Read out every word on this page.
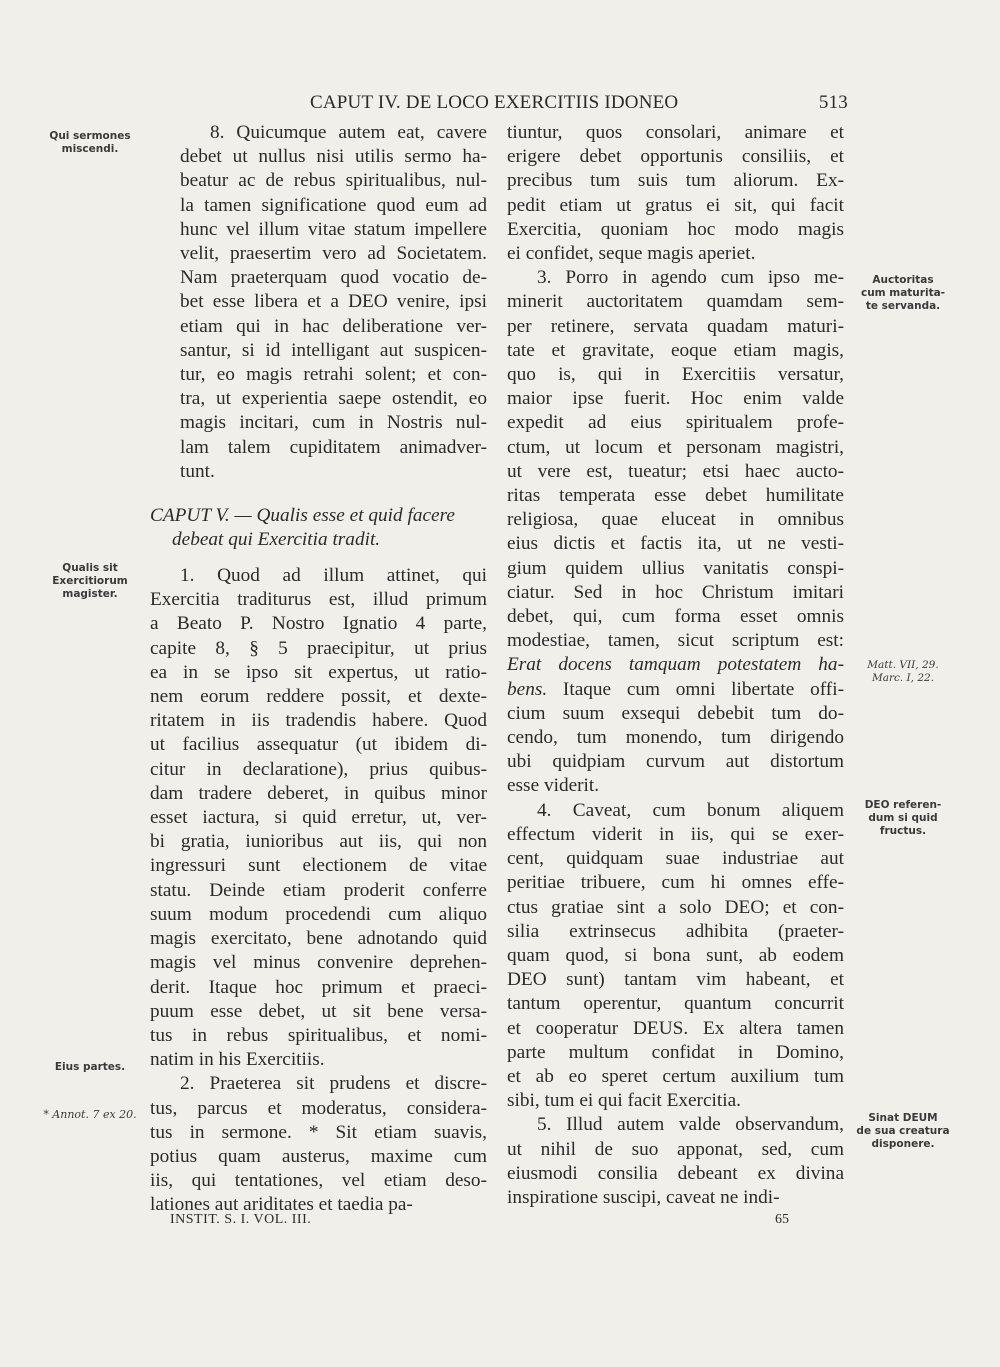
CAPUT IV. DE LOCO EXERCITIIS IDONEO	513

8. Quicumque autem eat, cavere
debet ut nullus nisi utilis sermo ha-
beatur ac de rebus spiritualibus, nul-
la tamen significatione quod eum ad
hunc vel illum vitae statum impellere
velit, praesertim vero ad Societatem.
Nam praeterquam quod vocatio de-
bet esse libera et a DEO venire, ipsi
etiam qui in hac deliberatione ver-
santur, si id intelligant aut suspicen-
tur, eo magis retrahi solent; et con-
tra, ut experientia saepe ostendit, eo
magis incitari, cum in Nostris nul-
lam talem cupiditatem animadver-
tunt.

CAPUT V. — Qualis esse et quid facere
debeat qui Exercitia tradit.

1. Quod ad illum attinet, qui
Exercitia traditurus est, illud primum
a Beato P. Nostro Ignatio 4 parte,
capite 8, § 5 praecipitur, ut prius
ea in se ipso sit expertus, ut ratio-
nem eorum reddere possit, et dexte-
ritatem in iis tradendis habere. Quod
ut facilius assequatur (ut ibidem di-
citur in declaratione), prius quibus-
dam tradere deberet, in quibus minor
esset iactura, si quid erretur, ut, ver-
bi gratia, iunioribus aut iis, qui non
ingressuri sunt electionem de vitae
statu. Deinde etiam proderit conferre
suum modum procedendi cum aliquo
magis exercitato, bene adnotando quid
magis vel minus convenire deprehen-
derit. Itaque hoc primum et praeci-
puum esse debet, ut sit bene versa-
tus in rebus spiritualibus, et nomi-
natim in his Exercitiis.

2. Praeterea sit prudens et discre-
tus, parcus et moderatus, considera-
tus in sermone. * Sit etiam suavis,
potius quam austerus, maxime cum
iis, qui tentationes, vel etiam deso-
lationes aut ariditates et taedia pa-

tiuntur, quos consolari, animare et
erigere debet opportunis consiliis, et
precibus tum suis tum aliorum. Ex-
pedit etiam ut gratus ei sit, qui facit
Exercitia, quoniam hoc modo magis
ei confidet, seque magis aperiet.

3. Porro in agendo cum ipso me-
minerit auctoritatem quamdam sem-
per retinere, servata quadam maturi-
tate et gravitate, eoque etiam magis,
quo is, qui in Exercitiis versatur,
maior ipse fuerit. Hoc enim valde
expedit ad eius spiritualem profe-
ctum, ut locum et personam magistri,
ut vere est, tueatur; etsi haec aucto-
ritas temperata esse debet humilitate
religiosa, quae eluceat in omnibus
eius dictis et factis ita, ut ne vesti-
gium quidem ullius vanitatis conspi-
ciatur. Sed in hoc Christum imitari
debet, qui, cum forma esset omnis
modestiae, tamen, sicut scriptum est:
Erat docens tamquam potestatem ha-
bens. Itaque cum omni libertate offi-
cium suum exsequi debebit tum do-
cendo, tum monendo, tum dirigendo
ubi quidpiam curvum aut distortum
esse viderit.

4. Caveat, cum bonum aliquem
effectum viderit in iis, qui se exer-
cent, quidquam suae industriae aut
peritiae tribuere, cum hi omnes effe-
ctus gratiae sint a solo DEO; et con-
silia extrinsecus adhibita (praeter-
quam quod, si bona sunt, ab eodem
DEO sunt) tantam vim habeant, et
tantum operentur, quantum concurrit
et cooperatur DEUS. Ex altera tamen
parte multum confidat in Domino,
et ab eo speret certum auxilium tum
sibi, tum ei qui facit Exercitia.

5. Illud autem valde observandum,
ut nihil de suo apponat, sed, cum
eiusmodi consilia debeant ex divina
inspiratione suscipi, caveat ne indi-

Qui sermones
miscendi.
Qualis sit
Exercitiorum
magister.
Eius partes.
* Annot. 7 ex 20.
Auctoritas
cum maturita-
te servanda.
Matt. VII, 29.
Marc. I, 22.
DEO referen-
dum si quid
fructus.
Sinat DEUM
de sua creatura
disponere.
INSTIT. S. I. VOL. III.	65
